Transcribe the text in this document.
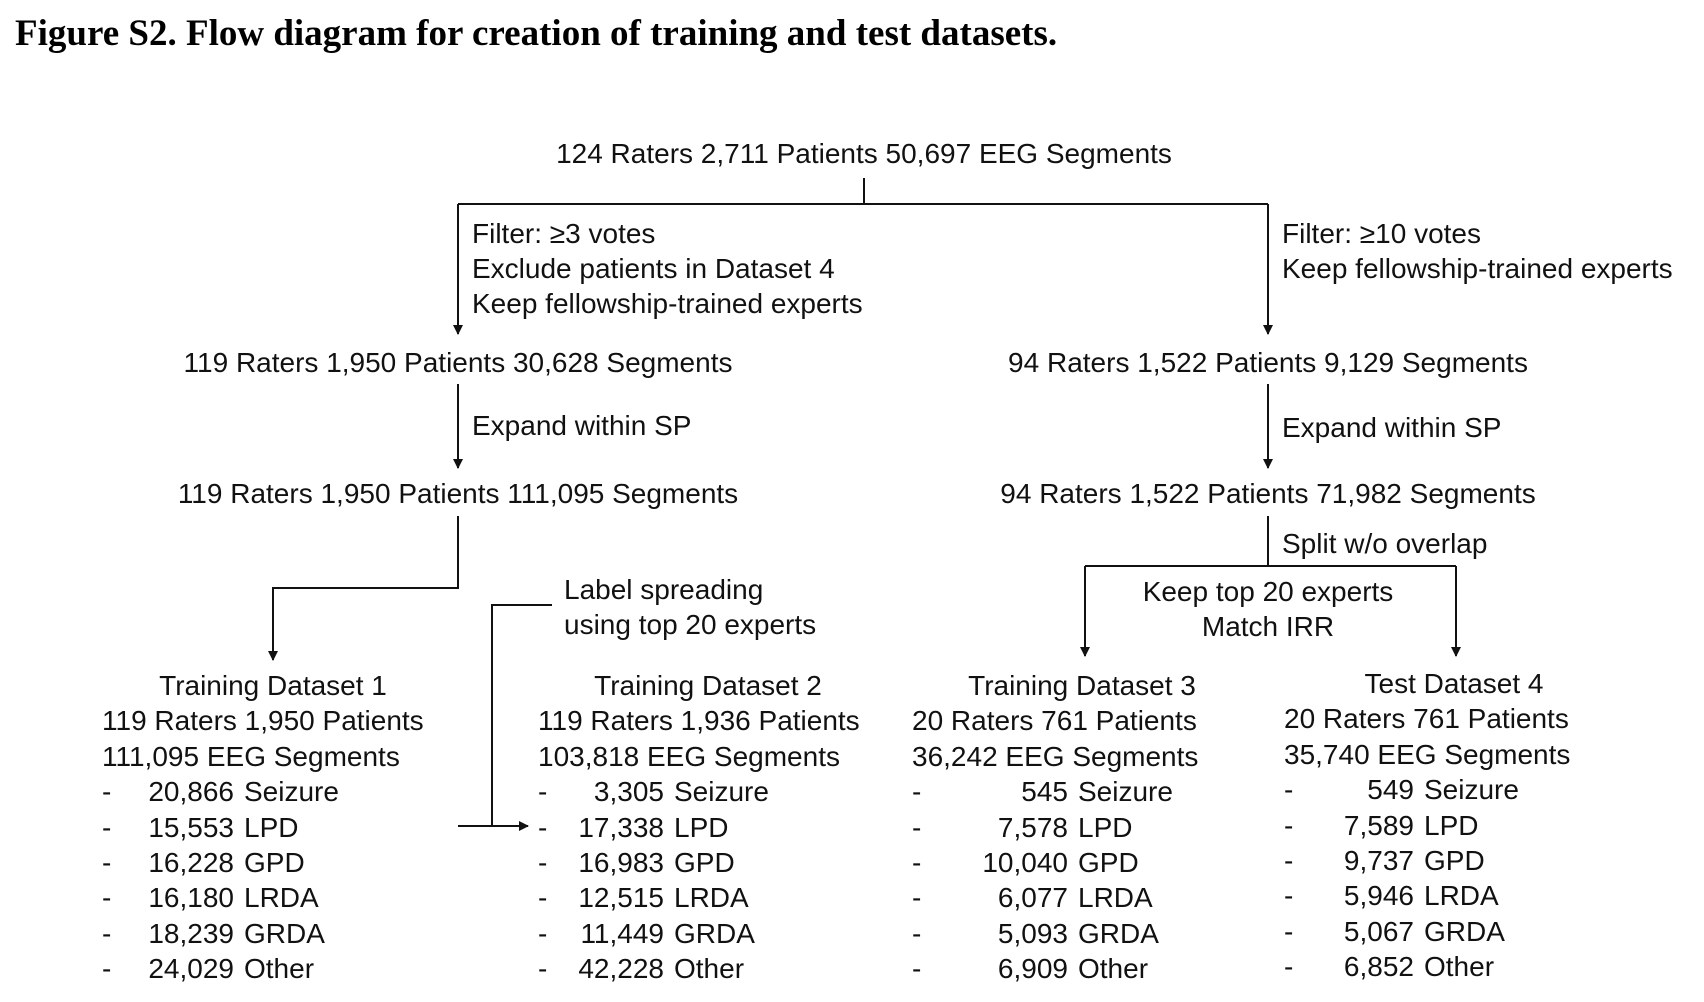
Figure S2. Flow diagram for creation of training and test datasets.
124 Raters 2,711 Patients 50,697 EEG Segments
Filter: ≥3 votes
Exclude patients in Dataset 4
Keep fellowship-trained experts
Filter: ≥10 votes
Keep fellowship-trained experts
119 Raters 1,950 Patients 30,628 Segments	94 Raters 1,522 Patients 9,129 Segments
Expand within SP	Expand within SP
119 Raters 1,950 Patients 111,095 Segments	94 Raters 1,522 Patients 71,982 Segments
Split w/o overlap
Keep top 20 experts
Match IRR
Label spreading
using top 20 experts
Training Dataset 1
119 Raters 1,950 Patients
111,095 EEG Segments
-	20,866 Seizure
-	15,553 LPD
-	16,228 GPD
-	16,180 LRDA
-	18,239 GRDA
-	24,029 Other
Training Dataset 2
119 Raters 1,936 Patients
103,818 EEG Segments
-	3,305 Seizure
-	17,338 LPD
-	16,983 GPD
-	12,515 LRDA
-	11,449 GRDA
-	42,228 Other
Training Dataset 3
20 Raters 761 Patients
36,242 EEG Segments
-	545 Seizure
-	7,578 LPD
-	10,040 GPD
-	6,077 LRDA
-	5,093 GRDA
-	6,909 Other
Test Dataset 4
20 Raters 761 Patients
35,740 EEG Segments
-	549 Seizure
-	7,589 LPD
-	9,737 GPD
-	5,946 LRDA
-	5,067 GRDA
-	6,852 Other
